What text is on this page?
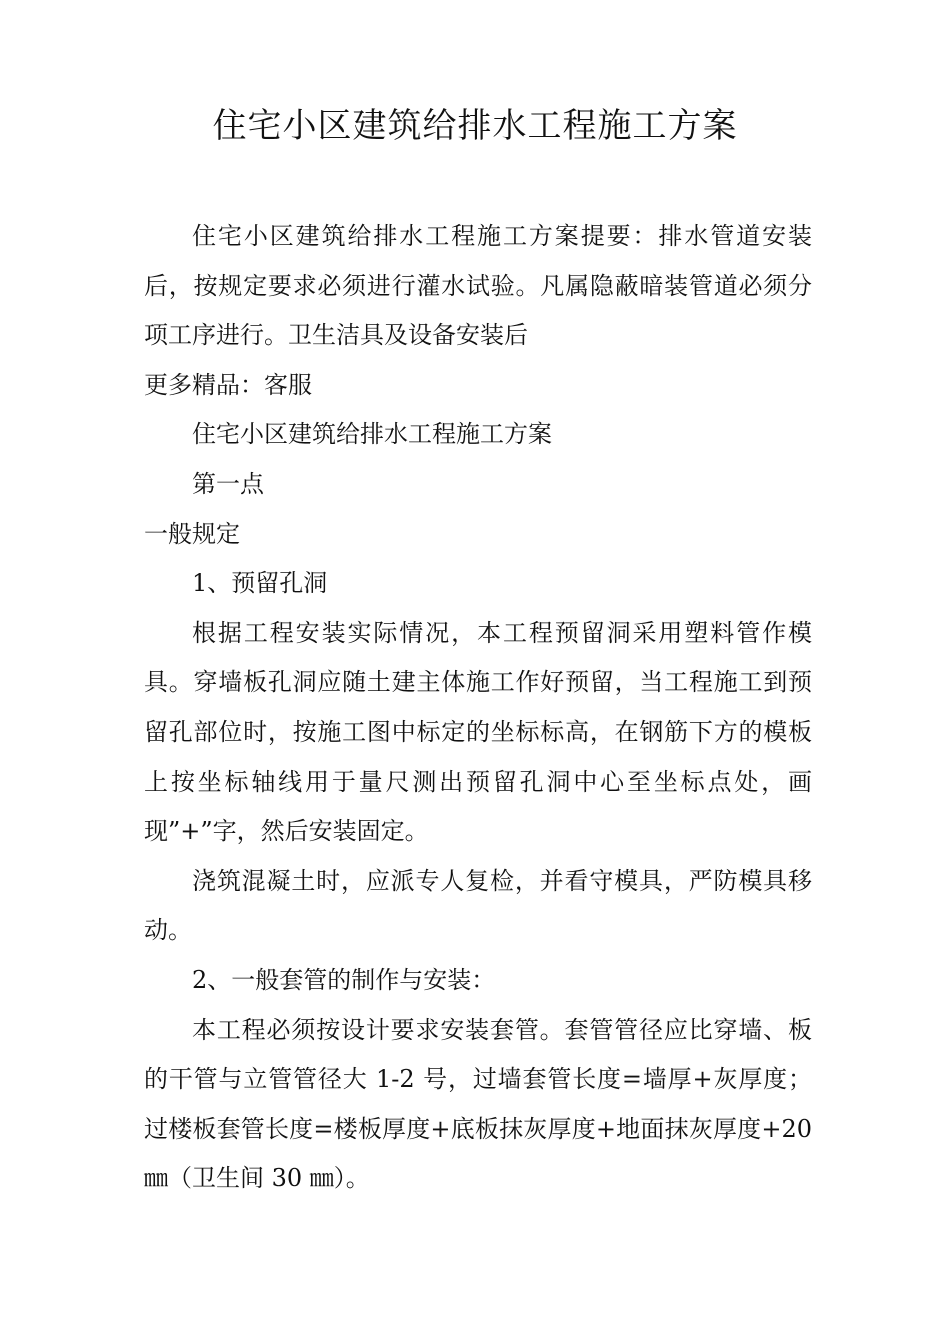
住宅小区建筑给排水工程施工方案

住宅小区建筑给排水工程施工方案提要：排水管道安装后，按规定要求必须进行灌水试验。凡属隐蔽暗装管道必须分项工序进行。卫生洁具及设备安装后

更多精品：客服

住宅小区建筑给排水工程施工方案

第一点

一般规定

1、预留孔洞

根据工程安装实际情况，本工程预留洞采用塑料管作模具。穿墙板孔洞应随土建主体施工作好预留，当工程施工到预留孔部位时，按施工图中标定的坐标标高，在钢筋下方的模板上按坐标轴线用于量尺测出预留孔洞中心至坐标点处，画现”+”字，然后安装固定。

浇筑混凝土时，应派专人复检，并看守模具，严防模具移动。

2、一般套管的制作与安装：

本工程必须按设计要求安装套管。套管管径应比穿墙、板的干管与立管管径大 1-2 号，过墙套管长度=墙厚+灰厚度；过楼板套管长度=楼板厚度+底板抹灰厚度+地面抹灰厚度+20 ㎜（卫生间 30 ㎜）。
